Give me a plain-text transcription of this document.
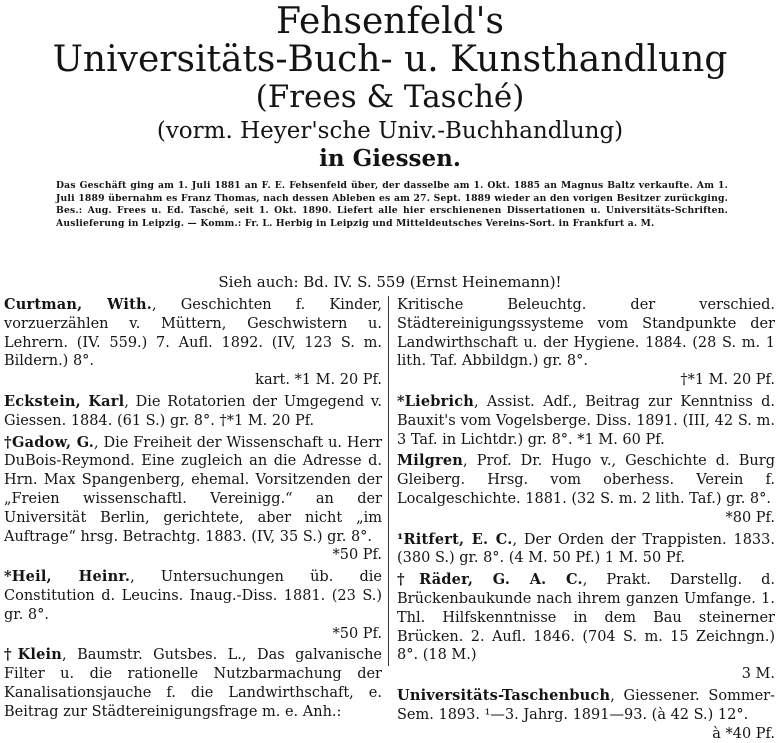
Fehsenfeld's
Universitäts-Buch- u. Kunsthandlung
(Frees & Tasché)
(vorm. Heyer'sche Univ.-Buchhandlung)
in Giessen.
Das Geschäft ging am 1. Juli 1881 an F. E. Fehsenfeld über, der dasselbe am 1. Okt. 1885 an Magnus Baltz verkaufte. Am 1. Juli 1889 übernahm es Franz Thomas, nach dessen Ableben es am 27. Sept. 1889 wieder an den vorigen Besitzer zurückging. Bes.: Aug. Frees u. Ed. Tasché, seit 1. Okt. 1890. Liefert alle hier erschienenen Dissertationen u. Universitäts-Schriften. Auslieferung in Leipzig. — Komm.: Fr. L. Herbig in Leipzig und Mitteldeutsches Vereins-Sort. in Frankfurt a. M.
Sieh auch: Bd. IV. S. 559 (Ernst Heinemann)!
Curtman, With., Geschichten f. Kinder, vorzuerzählen v. Müttern, Geschwistern u. Lehrern. (IV. 559.) 7. Aufl. 1892. (IV, 123 S. m. Bildern.) 8°.
kart. *1 M. 20 Pf.
Eckstein, Karl, Die Rotatorien der Umgegend v. Giessen. 1884. (61 S.) gr. 8°. †*1 M. 20 Pf.
†Gadow, G., Die Freiheit der Wissenschaft u. Herr DuBois-Reymond. Eine zugleich an die Adresse d. Hrn. Max Spangenberg, ehemal. Vorsitzenden der „Freien wissenschaftl. Vereinigg.“ an der Universität Berlin, gerichtete, aber nicht „im Auftrage“ hrsg. Betrachtg. 1883. (IV, 35 S.) gr. 8°.
*50 Pf.
*Heil, Heinr., Untersuchungen üb. die Constitution d. Leucins. Inaug.-Diss. 1881. (23 S.) gr. 8°.
*50 Pf.
†Klein, Baumstr. Gutsbes. L., Das galvanische Filter u. die rationelle Nutzbarmachung der Kanalisationsjauche f. die Landwirthschaft, e. Beitrag zur Städtereinigungsfrage m. e. Anh.:
Kritische Beleuchtg. der verschied. Städtereinigungssysteme vom Standpunkte der Landwirthschaft u. der Hygiene. 1884. (28 S. m. 1 lith. Taf. Abbildgn.) gr. 8°.
†*1 M. 20 Pf.
*Liebrich, Assist. Adf., Beitrag zur Kenntniss d. Bauxit's vom Vogelsberge. Diss. 1891. (III, 42 S. m. 3 Taf. in Lichtdr.) gr. 8°. *1 M. 60 Pf.
Milgren, Prof. Dr. Hugo v., Geschichte d. Burg Gleiberg. Hrsg. vom oberhess. Verein f. Localgeschichte. 1881. (32 S. m. 2 lith. Taf.) gr. 8°.
*80 Pf.
¹Ritfert, E. C., Der Orden der Trappisten. 1833. (380 S.) gr. 8°. (4 M. 50 Pf.) 1 M. 50 Pf.
†Räder, G. A. C., Prakt. Darstellg. d. Brückenbaukunde nach ihrem ganzen Umfange. 1. Thl. Hilfskenntnisse in dem Bau steinerner Brücken. 2. Aufl. 1846. (704 S. m. 15 Zeichngn.) 8°. (18 M.)
3 M.
Universitäts-Taschenbuch, Giessener. Sommer-Sem. 1893. ¹—3. Jahrg. 1891—93. (à 42 S.) 12°.
à *40 Pf.
